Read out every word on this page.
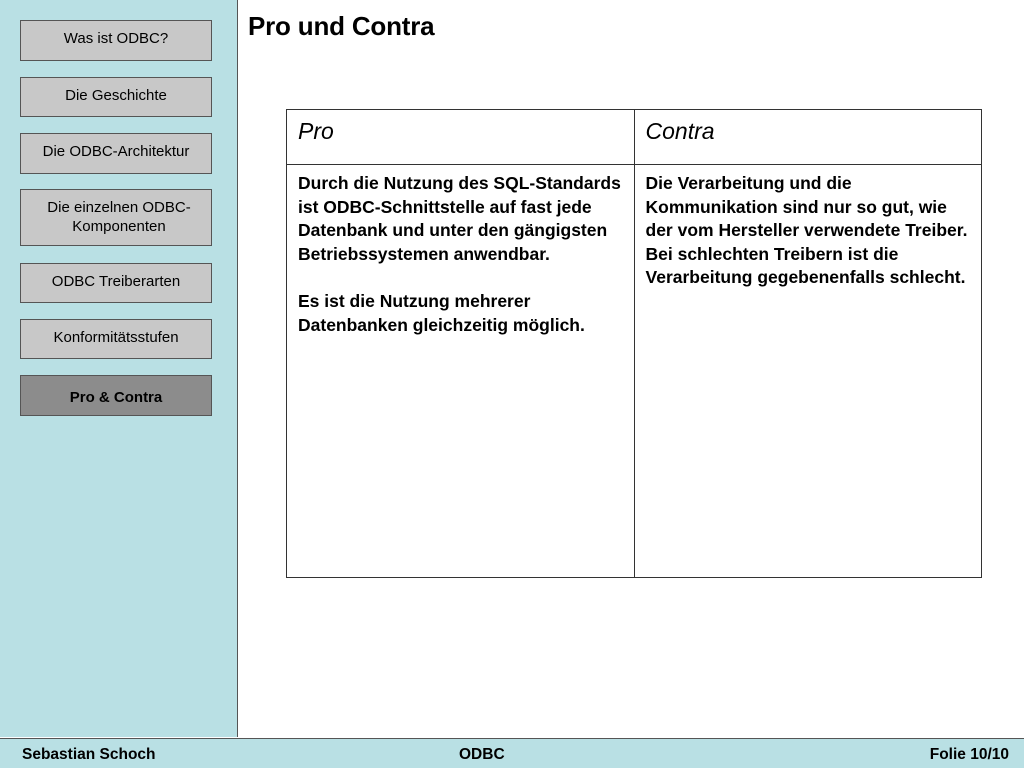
Was ist ODBC?
Die Geschichte
Die ODBC-Architektur
Die einzelnen ODBC-Komponenten
ODBC Treiberarten
Konformitätsstufen
Pro & Contra
Pro und Contra
Pro	Contra

Durch die Nutzung des SQL-Standards ist ODBC-Schnittstelle auf fast jede Datenbank und unter den gängigsten Betriebssystemen anwendbar.

Es ist die Nutzung mehrerer Datenbanken gleichzeitig möglich.	Die Verarbeitung und die Kommunikation sind nur so gut, wie der vom Hersteller verwendete Treiber. Bei schlechten Treibern ist die Verarbeitung gegebenenfalls schlecht.

Sebastian Schoch	ODBC	Folie 10/10
